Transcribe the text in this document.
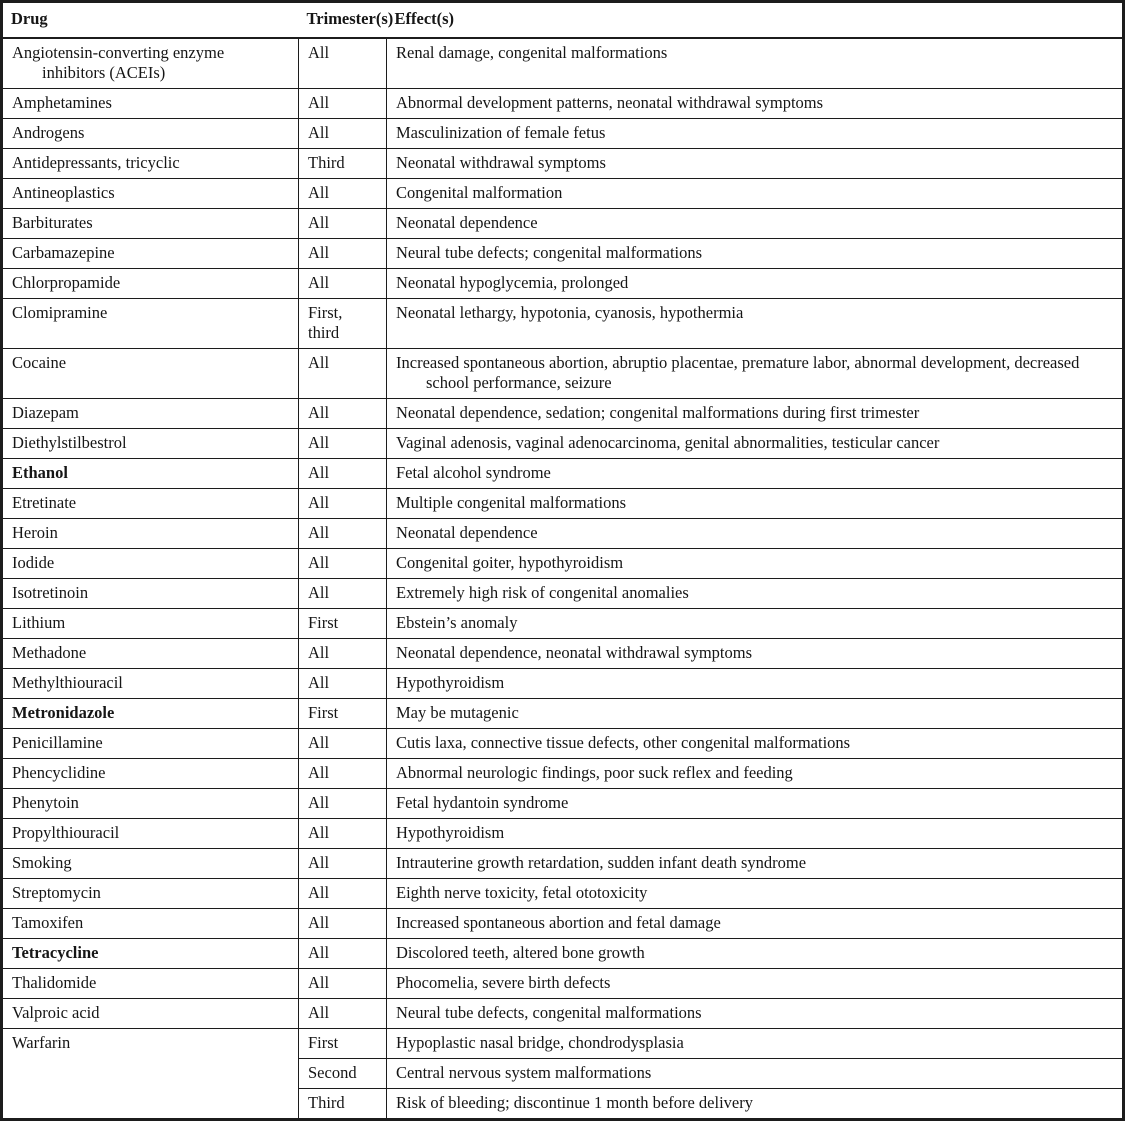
Drug	Trimester(s)	Effect(s)

Angiotensin-converting enzyme inhibitors (ACEIs)	All	Renal damage, congenital malformations

Amphetamines	All	Abnormal development patterns, neonatal withdrawal symptoms

Androgens	All	Masculinization of female fetus

Antidepressants, tricyclic	Third	Neonatal withdrawal symptoms

Antineoplastics	All	Congenital malformation

Barbiturates	All	Neonatal dependence

Carbamazepine	All	Neural tube defects; congenital malformations

Chlorpropamide	All	Neonatal hypoglycemia, prolonged

Clomipramine	First, third	Neonatal lethargy, hypotonia, cyanosis, hypothermia

Cocaine	All	Increased spontaneous abortion, abruptio placentae, premature labor, abnormal development, decreased school performance, seizure

Diazepam	All	Neonatal dependence, sedation; congenital malformations during first trimester

Diethylstilbestrol	All	Vaginal adenosis, vaginal adenocarcinoma, genital abnormalities, testicular cancer

Ethanol	All	Fetal alcohol syndrome

Etretinate	All	Multiple congenital malformations

Heroin	All	Neonatal dependence

Iodide	All	Congenital goiter, hypothyroidism

Isotretinoin	All	Extremely high risk of congenital anomalies

Lithium	First	Ebstein’s anomaly

Methadone	All	Neonatal dependence, neonatal withdrawal symptoms

Methylthiouracil	All	Hypothyroidism

Metronidazole	First	May be mutagenic

Penicillamine	All	Cutis laxa, connective tissue defects, other congenital malformations

Phencyclidine	All	Abnormal neurologic findings, poor suck reflex and feeding

Phenytoin	All	Fetal hydantoin syndrome

Propylthiouracil	All	Hypothyroidism

Smoking	All	Intrauterine growth retardation, sudden infant death syndrome

Streptomycin	All	Eighth nerve toxicity, fetal ototoxicity

Tamoxifen	All	Increased spontaneous abortion and fetal damage

Tetracycline	All	Discolored teeth, altered bone growth

Thalidomide	All	Phocomelia, severe birth defects

Valproic acid	All	Neural tube defects, congenital malformations

Warfarin	First	Hypoplastic nasal bridge, chondrodysplasia

	Second	Central nervous system malformations

	Third	Risk of bleeding; discontinue 1 month before delivery
